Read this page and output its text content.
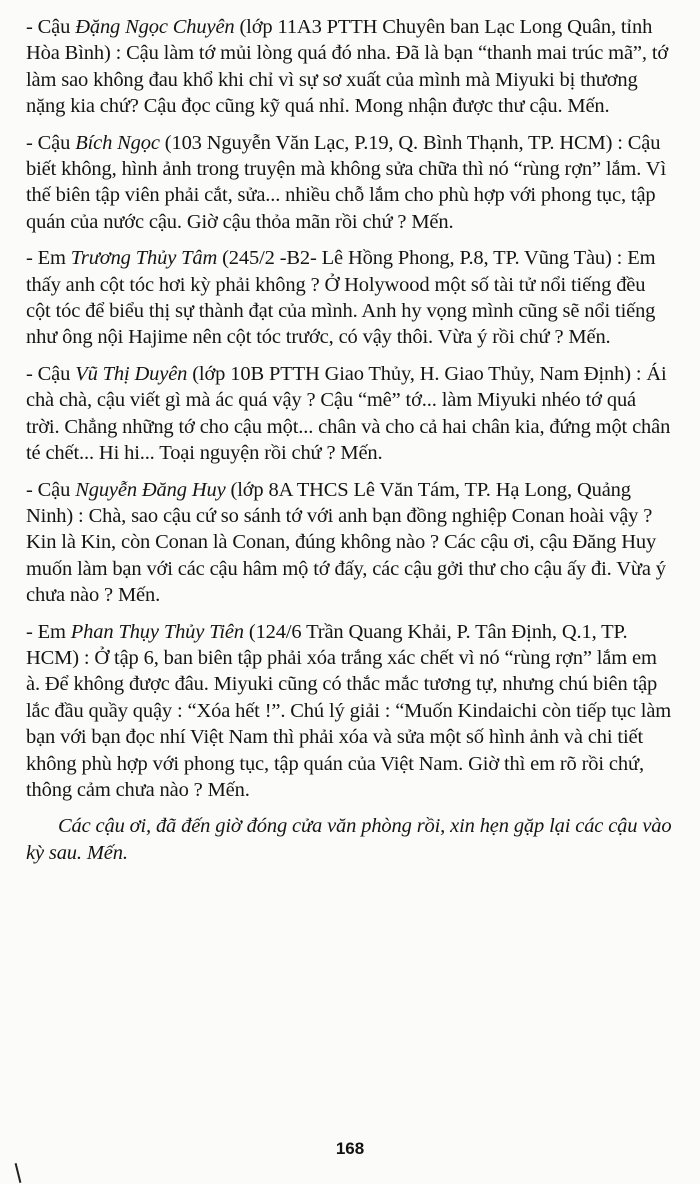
- Cậu Đặng Ngọc Chuyên (lớp 11A3 PTTH Chuyên ban Lạc Long Quân, tỉnh Hòa Bình) : Cậu làm tớ mủi lòng quá đó nha. Đã là bạn “thanh mai trúc mã”, tớ làm sao không đau khổ khi chỉ vì sự sơ xuất của mình mà Miyuki bị thương nặng kia chứ? Cậu đọc cũng kỹ quá nhỉ. Mong nhận được thư cậu. Mến.

- Cậu Bích Ngọc (103 Nguyễn Văn Lạc, P.19, Q. Bình Thạnh, TP. HCM) : Cậu biết không, hình ảnh trong truyện mà không sửa chữa thì nó “rùng rợn” lắm. Vì thế biên tập viên phải cắt, sửa... nhiều chỗ lắm cho phù hợp với phong tục, tập quán của nước cậu. Giờ cậu thỏa mãn rồi chứ ? Mến.

- Em Trương Thủy Tâm (245/2 -B2- Lê Hồng Phong, P.8, TP. Vũng Tàu) : Em thấy anh cột tóc hơi kỳ phải không ? Ở Holywood một số tài tử nổi tiếng đều cột tóc để biểu thị sự thành đạt của mình. Anh hy vọng mình cũng sẽ nổi tiếng như ông nội Hajime nên cột tóc trước, có vậy thôi. Vừa ý rồi chứ ? Mến.

- Cậu Vũ Thị Duyên (lớp 10B PTTH Giao Thủy, H. Giao Thủy, Nam Định) : Ái chà chà, cậu viết gì mà ác quá vậy ? Cậu “mê” tớ... làm Miyuki nhéo tớ quá trời. Chẳng những tớ cho cậu một... chân và cho cả hai chân kia, đứng một chân té chết... Hi hi... Toại nguyện rồi chứ ? Mến.

- Cậu Nguyễn Đăng Huy (lớp 8A THCS Lê Văn Tám, TP. Hạ Long, Quảng Ninh) : Chà, sao cậu cứ so sánh tớ với anh bạn đồng nghiệp Conan hoài vậy ? Kin là Kin, còn Conan là Conan, đúng không nào ? Các cậu ơi, cậu Đăng Huy muốn làm bạn với các cậu hâm mộ tớ đấy, các cậu gởi thư cho cậu ấy đi. Vừa ý chưa nào ? Mến.

- Em Phan Thụy Thủy Tiên (124/6 Trần Quang Khải, P. Tân Định, Q.1, TP. HCM) : Ở tập 6, ban biên tập phải xóa trắng xác chết vì nó “rùng rợn” lắm em à. Để không được đâu. Miyuki cũng có thắc mắc tương tự, nhưng chú biên tập lắc đầu quầy quậy : “Xóa hết !”. Chú lý giải : “Muốn Kindaichi còn tiếp tục làm bạn với bạn đọc nhí Việt Nam thì phải xóa và sửa một số hình ảnh và chi tiết không phù hợp với phong tục, tập quán của Việt Nam. Giờ thì em rõ rồi chứ, thông cảm chưa nào ? Mến.

Các cậu ơi, đã đến giờ đóng cửa văn phòng rồi, xin hẹn gặp lại các cậu vào kỳ sau. Mến.

168
